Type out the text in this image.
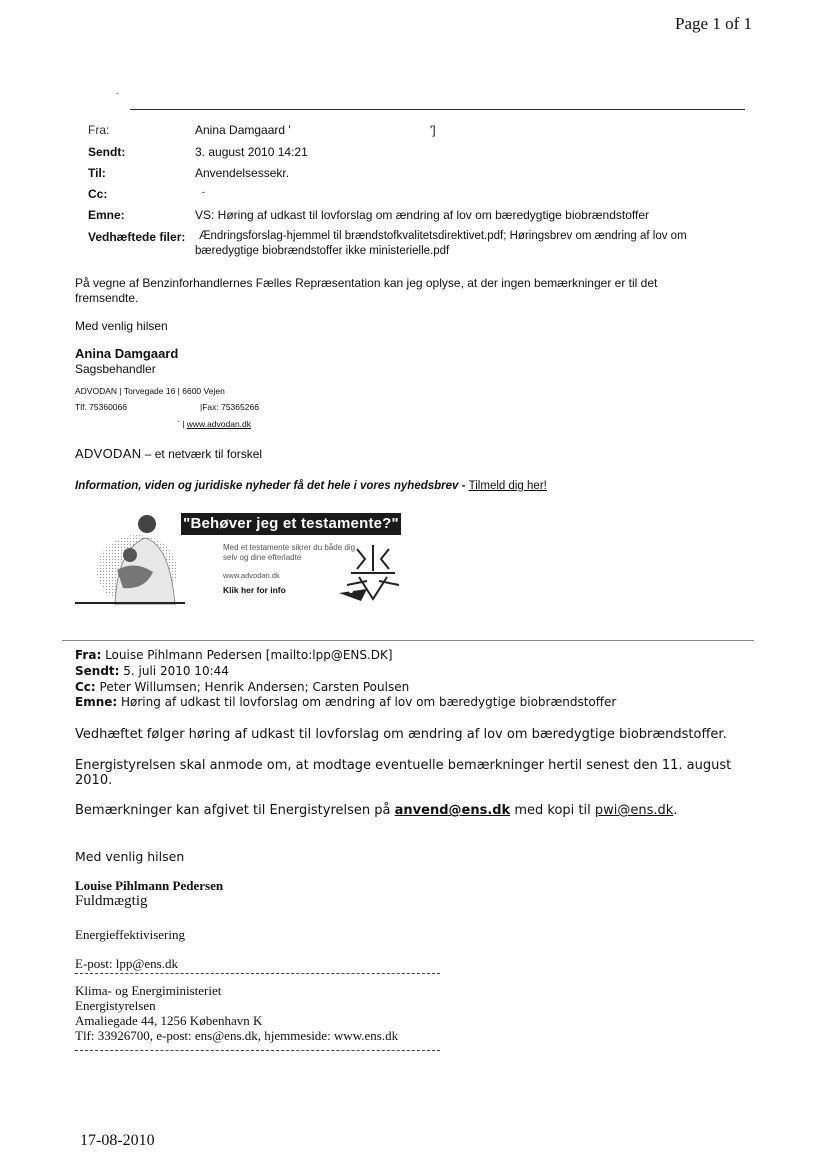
Page 1 of 1
-
Fra:	Anina Damgaard '	']
Sendt:	3. august 2010 14:21
Til:	Anvendelsessekr.
Cc:	-
Emne:	VS: Høring af udkast til lovforslag om ændring af lov om bæredygtige biobrændstoffer
Vedhæftede filer: Ændringsforslag-hjemmel til brændstofkvalitetsdirektivet.pdf; Høringsbrev om ændring af lov om
bæredygtige biobrændstoffer ikke ministerielle.pdf
På vegne af Benzinforhandlernes Fælles Repræsentation kan jeg oplyse, at der ingen bemærkninger er til det
fremsendte.
Med venlig hilsen
Anina Damgaard
Sagsbehandler
ADVODAN | Torvegade 16 | 6600 Vejen
Tlf. 75360066	|Fax: 75365266
` | www.advodan.dk
ADVODAN – et netværk til forskel
Information, viden og juridiske nyheder få det hele i vores nyhedsbrev - Tilmeld dig her!
"Behøver jeg et testamente?"
Med et testamente sikrer du både dig
selv og dine efterladte
www.advodan.dk
Klik her for info
Fra: Louise Pihlmann Pedersen [mailto:lpp@ENS.DK]
Sendt: 5. juli 2010 10:44
Cc: Peter Willumsen; Henrik Andersen; Carsten Poulsen
Emne: Høring af udkast til lovforslag om ændring af lov om bæredygtige biobrændstoffer
Vedhæftet følger høring af udkast til lovforslag om ændring af lov om bæredygtige biobrændstoffer.
Energistyrelsen skal anmode om, at modtage eventuelle bemærkninger hertil senest den 11. august
2010.
Bemærkninger kan afgivet til Energistyrelsen på anvend@ens.dk med kopi til pwi@ens.dk.
Med venlig hilsen
Louise Pihlmann Pedersen
Fuldmægtig
Energieffektivisering
E-post: lpp@ens.dk
Klima- og Energiministeriet
Energistyrelsen
Amaliegade 44, 1256 København K
Tlf: 33926700, e-post: ens@ens.dk, hjemmeside: www.ens.dk
17-08-2010
